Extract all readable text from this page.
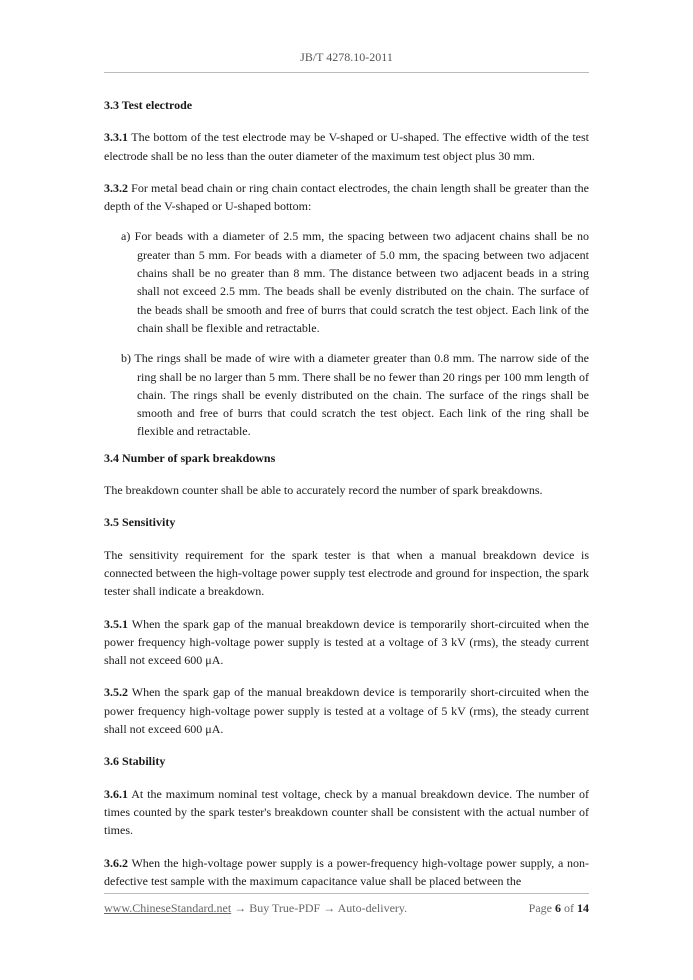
JB/T 4278.10-2011
3.3 Test electrode

3.3.1 The bottom of the test electrode may be V-shaped or U-shaped. The effective width of the test electrode shall be no less than the outer diameter of the maximum test object plus 30 mm.

3.3.2 For metal bead chain or ring chain contact electrodes, the chain length shall be greater than the depth of the V-shaped or U-shaped bottom:

a) For beads with a diameter of 2.5 mm, the spacing between two adjacent chains shall be no greater than 5 mm. For beads with a diameter of 5.0 mm, the spacing between two adjacent chains shall be no greater than 8 mm. The distance between two adjacent beads in a string shall not exceed 2.5 mm. The beads shall be evenly distributed on the chain. The surface of the beads shall be smooth and free of burrs that could scratch the test object. Each link of the chain shall be flexible and retractable.

b) The rings shall be made of wire with a diameter greater than 0.8 mm. The narrow side of the ring shall be no larger than 5 mm. There shall be no fewer than 20 rings per 100 mm length of chain. The rings shall be evenly distributed on the chain. The surface of the rings shall be smooth and free of burrs that could scratch the test object. Each link of the ring shall be flexible and retractable.

3.4 Number of spark breakdowns

The breakdown counter shall be able to accurately record the number of spark breakdowns.

3.5 Sensitivity

The sensitivity requirement for the spark tester is that when a manual breakdown device is connected between the high-voltage power supply test electrode and ground for inspection, the spark tester shall indicate a breakdown.

3.5.1 When the spark gap of the manual breakdown device is temporarily short-circuited when the power frequency high-voltage power supply is tested at a voltage of 3 kV (rms), the steady current shall not exceed 600 μA.

3.5.2 When the spark gap of the manual breakdown device is temporarily short-circuited when the power frequency high-voltage power supply is tested at a voltage of 5 kV (rms), the steady current shall not exceed 600 μA.

3.6 Stability

3.6.1 At the maximum nominal test voltage, check by a manual breakdown device. The number of times counted by the spark tester's breakdown counter shall be consistent with the actual number of times.

3.6.2 When the high-voltage power supply is a power-frequency high-voltage power supply, a non-defective test sample with the maximum capacitance value shall be placed between the

www.ChineseStandard.net → Buy True-PDF → Auto-delivery.	Page 6 of 14
